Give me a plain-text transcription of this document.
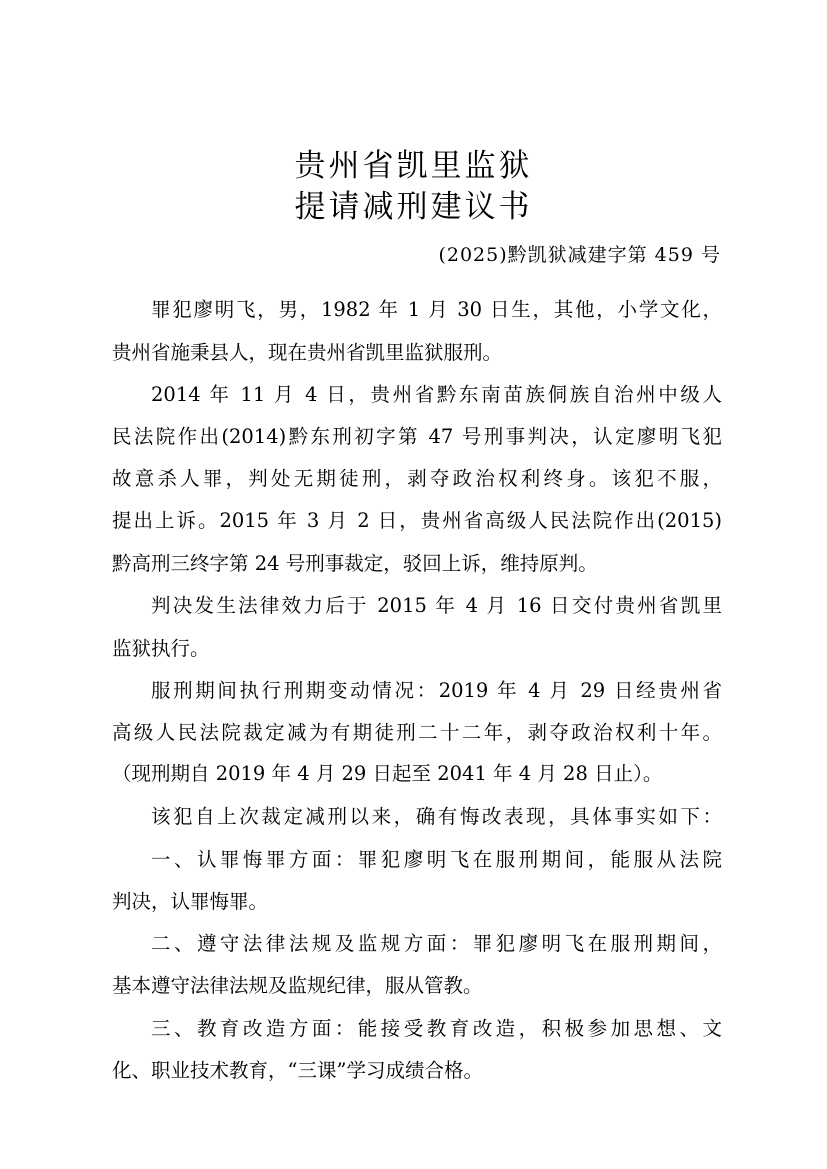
贵州省凯里监狱
提请减刑建议书
(2025)黔凯狱减建字第 459 号
罪犯廖明飞，男，1982 年 1 月 30 日生，其他，小学文化，
贵州省施秉县人，现在贵州省凯里监狱服刑。
2014 年 11 月 4 日，贵州省黔东南苗族侗族自治州中级人
民法院作出(2014)黔东刑初字第 47 号刑事判决，认定廖明飞犯
故意杀人罪，判处无期徒刑，剥夺政治权利终身。该犯不服，
提出上诉。2015 年 3 月 2 日，贵州省高级人民法院作出(2015)
黔高刑三终字第 24 号刑事裁定，驳回上诉，维持原判。
判决发生法律效力后于 2015 年 4 月 16 日交付贵州省凯里
监狱执行。
服刑期间执行刑期变动情况：2019 年 4 月 29 日经贵州省
高级人民法院裁定减为有期徒刑二十二年，剥夺政治权利十年。
（现刑期自 2019 年 4 月 29 日起至 2041 年 4 月 28 日止）。
该犯自上次裁定减刑以来，确有悔改表现，具体事实如下：
一、认罪悔罪方面：罪犯廖明飞在服刑期间，能服从法院
判决，认罪悔罪。
二、遵守法律法规及监规方面：罪犯廖明飞在服刑期间，
基本遵守法律法规及监规纪律，服从管教。
三、教育改造方面：能接受教育改造，积极参加思想、文
化、职业技术教育，“三课”学习成绩合格。
